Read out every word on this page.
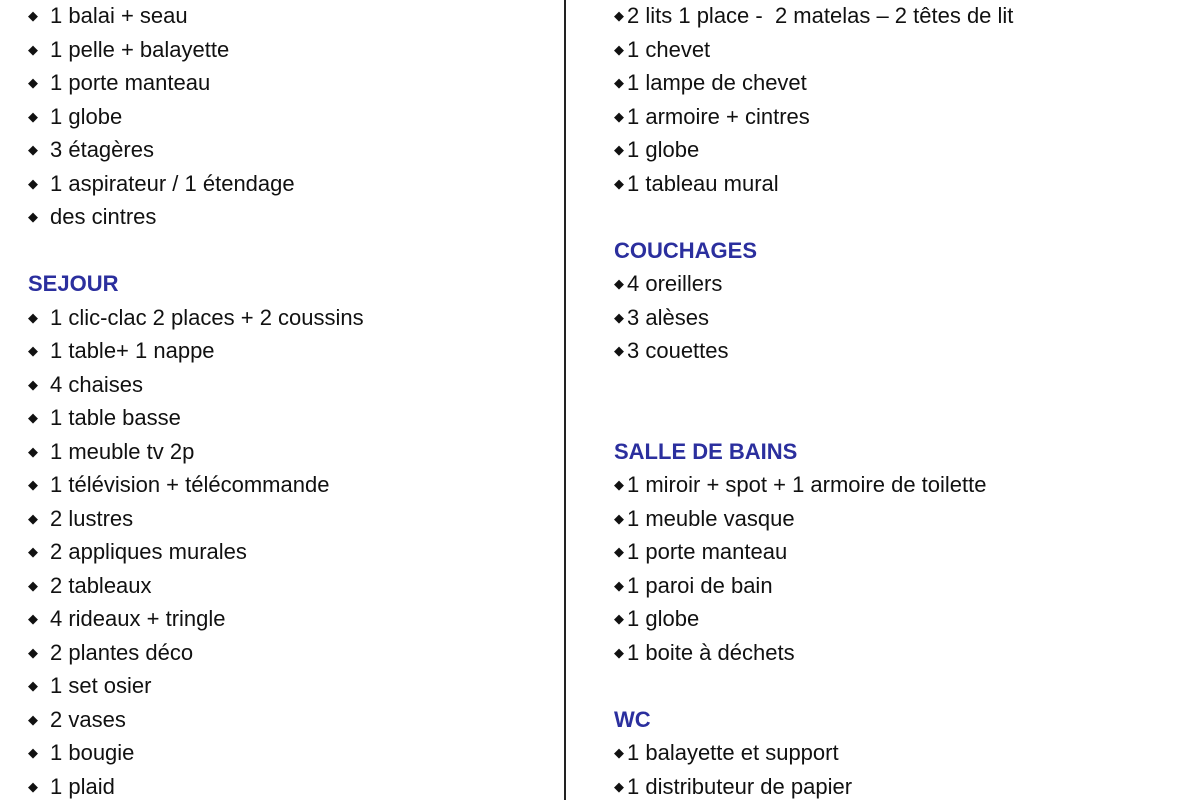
◆ 1 balai + seau
◆ 1 pelle + balayette
◆ 1 porte manteau
◆ 1 globe
◆ 3 étagères
◆ 1 aspirateur / 1 étendage
◆ des cintres
SEJOUR
◆ 1 clic-clac 2 places + 2 coussins
◆ 1 table+ 1 nappe
◆ 4 chaises
◆ 1 table basse
◆ 1 meuble tv 2p
◆ 1 télévision + télécommande
◆ 2 lustres
◆ 2 appliques murales
◆ 2 tableaux
◆ 4 rideaux + tringle
◆ 2 plantes déco
◆ 1 set osier
◆ 2 vases
◆ 1 bougie
◆ 1 plaid
◆ 2 lits 1 place -  2 matelas – 2 têtes de lit
◆ 1 chevet
◆ 1 lampe de chevet
◆ 1 armoire + cintres
◆ 1 globe
◆ 1 tableau mural
COUCHAGES
◆ 4 oreillers
◆ 3 alèses
◆ 3 couettes
SALLE DE BAINS
◆ 1 miroir + spot + 1 armoire de toilette
◆ 1 meuble vasque
◆ 1 porte manteau
◆ 1 paroi de bain
◆ 1 globe
◆ 1 boite à déchets
WC
◆ 1 balayette et support
◆ 1 distributeur de papier
